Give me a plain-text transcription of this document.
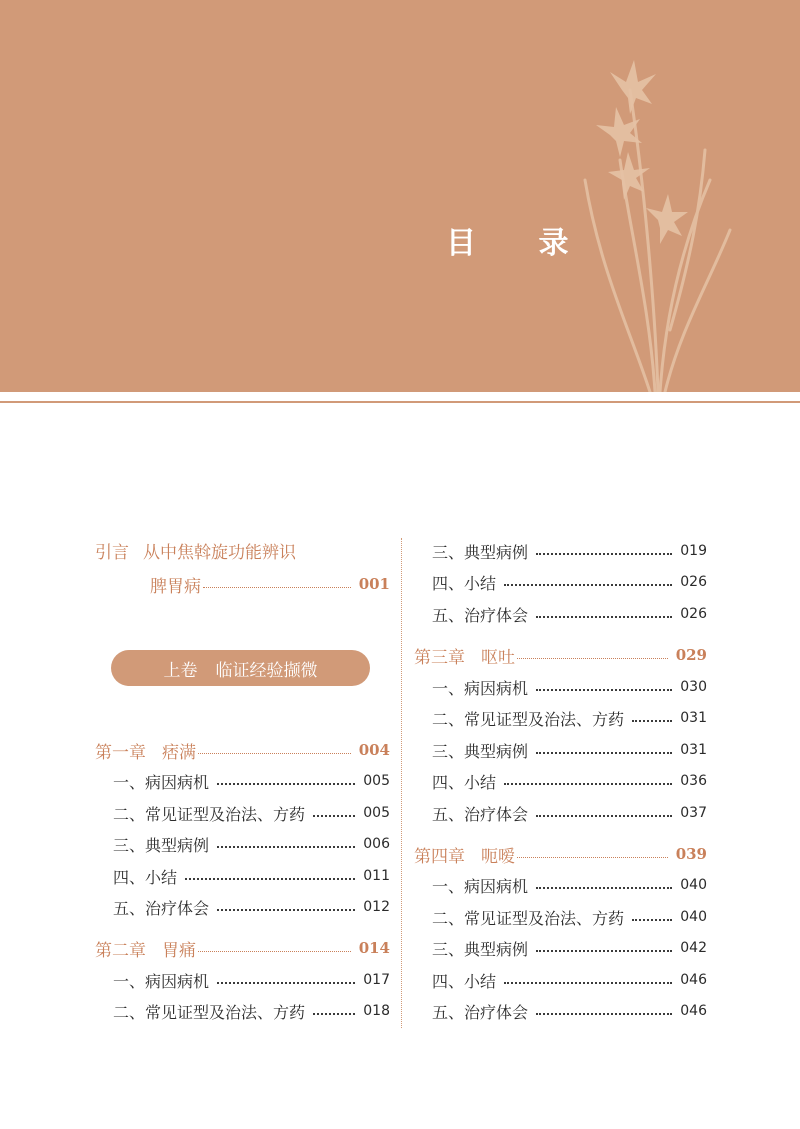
目 录
引言 从中焦斡旋功能辨识
脾胃病	001
上卷 临证经验撷微
第一章 痞满	004
一、病因病机	005
二、常见证型及治法、方药	005
三、典型病例	006
四、小结	011
五、治疗体会	012
第二章 胃痛	014
一、病因病机	017
二、常见证型及治法、方药	018
三、典型病例	019
四、小结	026
五、治疗体会	026
第三章 呕吐	029
一、病因病机	030
二、常见证型及治法、方药	031
三、典型病例	031
四、小结	036
五、治疗体会	037
第四章 呃嗳	039
一、病因病机	040
二、常见证型及治法、方药	040
三、典型病例	042
四、小结	046
五、治疗体会	046
